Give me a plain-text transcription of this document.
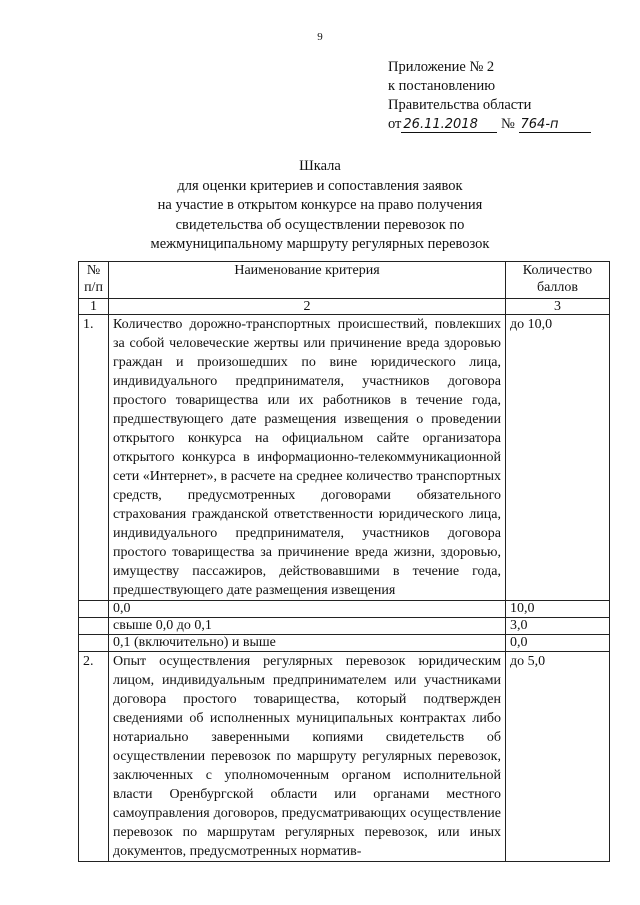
9
Приложение № 2
к постановлению
Правительства области
от 26.11.2018 № 764-п
Шкала
для оценки критериев и сопоставления заявок
на участие в открытом конкурсе на право получения
свидетельства об осуществлении перевозок по
межмуниципальному маршруту регулярных перевозок
№ п/п	Наименование критерия	Количество баллов
1	2	3
1.	Количество дорожно-транспортных происшествий, повлекших за собой человеческие жертвы или причинение вреда здоровью граждан и произошедших по вине юридического лица, индивидуального предпринимателя, участников договора простого товарищества или их работников в течение года, предшествующего дате размещения извещения о проведении открытого конкурса на официальном сайте организатора открытого конкурса в информационно-телекоммуникационной сети «Интернет», в расчете на среднее количество транспортных средств, предусмотренных договорами обязательного страхования гражданской ответственности юридического лица, индивидуального предпринимателя, участников договора простого товарищества за причинение вреда жизни, здоровью, имуществу пассажиров, действовавшими в течение года, предшествующего дате размещения извещения	до 10,0
	0,0	10,0
	свыше 0,0 до 0,1	3,0
	0,1 (включительно) и выше	0,0
2.	Опыт осуществления регулярных перевозок юридическим лицом, индивидуальным предпринимателем или участниками договора простого товарищества, который подтвержден сведениями об исполненных муниципальных контрактах либо нотариально заверенными копиями свидетельств об осуществлении перевозок по маршруту регулярных перевозок, заключенных с уполномоченным органом исполнительной власти Оренбургской области или органами местного самоуправления договоров, предусматривающих осуществление перевозок по маршрутам регулярных перевозок, или иных документов, предусмотренных норматив-	до 5,0
